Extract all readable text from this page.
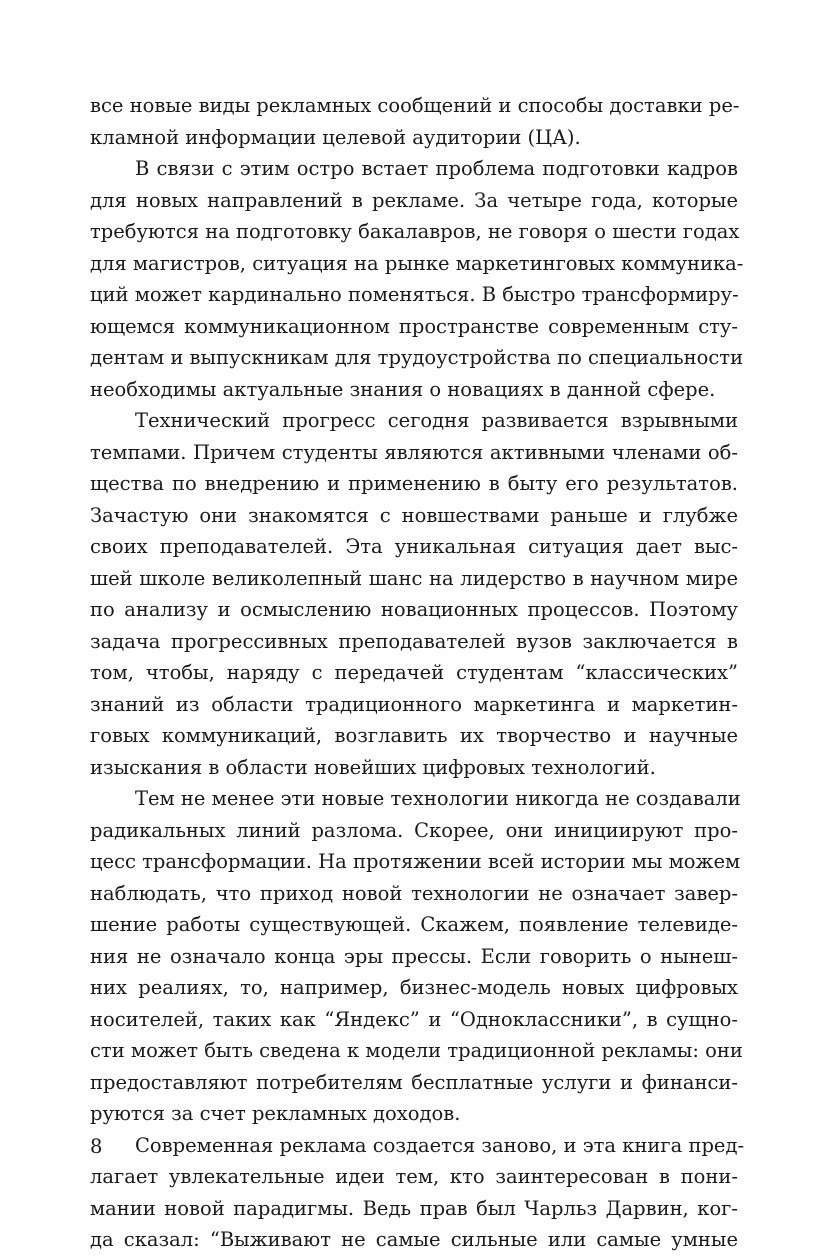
все новые виды рекламных сообщений и способы доставки ре-
кламной информации целевой аудитории (ЦА).
В связи с этим остро встает проблема подготовки кадров
для новых направлений в рекламе. За четыре года, которые
требуются на подготовку бакалавров, не говоря о шести годах
для магистров, ситуация на рынке маркетинговых коммуника-
ций может кардинально поменяться. В быстро трансформиру-
ющемся коммуникационном пространстве современным сту-
дентам и выпускникам для трудоустройства по специальности
необходимы актуальные знания о новациях в данной сфере.
Технический прогресс сегодня развивается взрывными
темпами. Причем студенты являются активными членами об-
щества по внедрению и применению в быту его результатов.
Зачастую они знакомятся с новшествами раньше и глубже
своих преподавателей. Эта уникальная ситуация дает выс-
шей школе великолепный шанс на лидерство в научном мире
по анализу и осмыслению новационных процессов. Поэтому
задача прогрессивных преподавателей вузов заключается в
том, чтобы, наряду с передачей студентам “классических”
знаний из области традиционного маркетинга и маркетин-
говых коммуникаций, возглавить их творчество и научные
изыскания в области новейших цифровых технологий.
Тем не менее эти новые технологии никогда не создавали
радикальных линий разлома. Скорее, они инициируют про-
цесс трансформации. На протяжении всей истории мы можем
наблюдать, что приход новой технологии не означает завер-
шение работы существующей. Скажем, появление телевиде-
ния не означало конца эры прессы. Если говорить о нынеш-
них реалиях, то, например, бизнес-модель новых цифровых
носителей, таких как “Яндекс” и “Одноклассники”, в сущно-
сти может быть сведена к модели традиционной рекламы: они
предоставляют потребителям бесплатные услуги и финанси-
руются за счет рекламных доходов.
Современная реклама создается заново, и эта книга пред-
лагает увлекательные идеи тем, кто заинтересован в пони-
мании новой парадигмы. Ведь прав был Чарльз Дарвин, ког-
да сказал: “Выживают не самые сильные или самые умные
8
